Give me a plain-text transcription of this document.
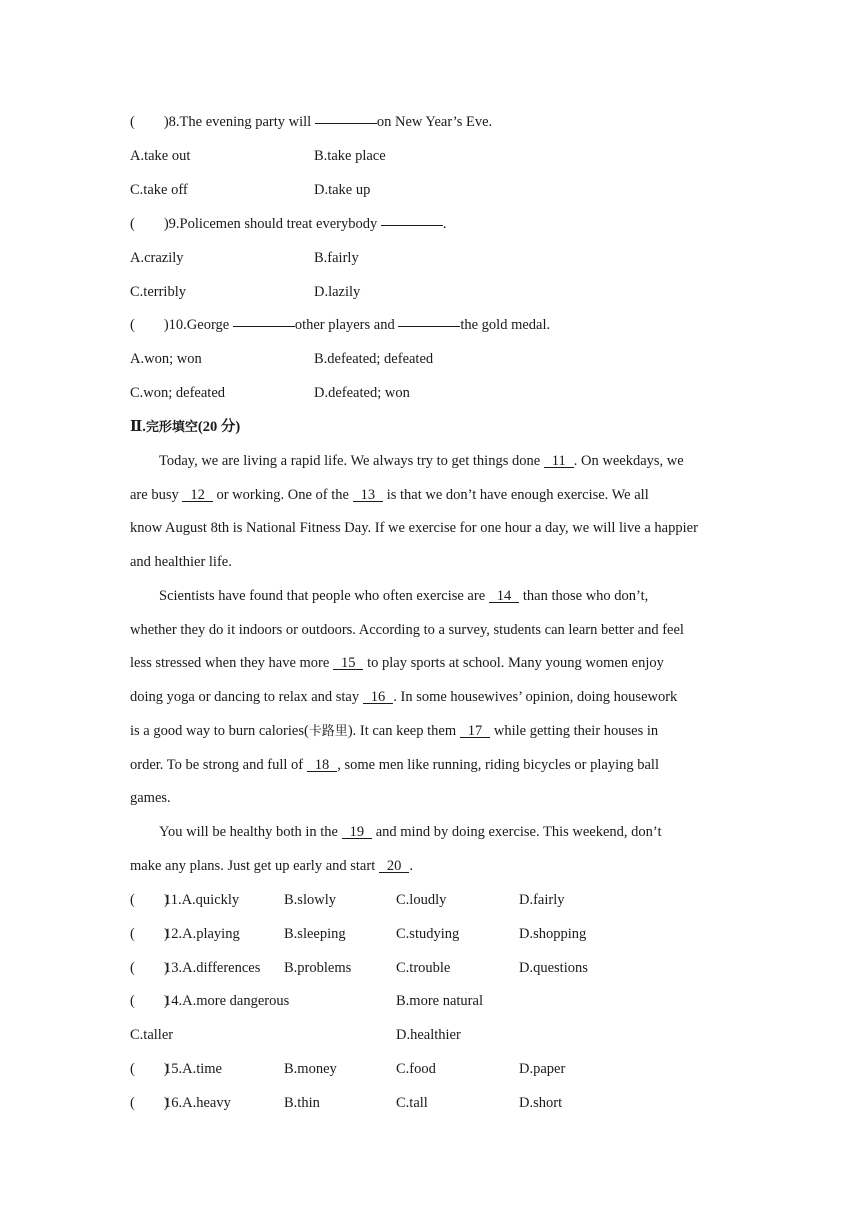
(        )8.The evening party will	on New Year’s Eve.
A.take out	B.take place
C.take off	D.take up
(        )9.Policemen should treat everybody	.
A.crazily	B.fairly
C.terribly	D.lazily
(        )10.George	other players and	the gold medal.
A.won; won	B.defeated; defeated
C.won; defeated	D.defeated; won
Ⅱ.完形填空(20 分)
Today, we are living a rapid life. We always try to get things done 11 . On weekdays, we
are busy 12 or working. One of the 13 is that we don’t have enough exercise. We all
know August 8th is National Fitness Day. If we exercise for one hour a day, we will live a happier
and healthier life.
Scientists have found that people who often exercise are 14 than those who don’t,
whether they do it indoors or outdoors. According to a survey, students can learn better and feel
less stressed when they have more 15 to play sports at school. Many young women enjoy
doing yoga or dancing to relax and stay 16 . In some housewives’ opinion, doing housework
is a good way to burn calories(卡路里). It can keep them 17 while getting their houses in
order. To be strong and full of 18 , some men like running, riding bicycles or playing ball
games.
You will be healthy both in the 19 and mind by doing exercise. This weekend, don’t
make any plans. Just get up early and start 20 .
(        )
11.A.quickly	B.slowly	C.loudly	D.fairly
(        )
12.A.playing	B.sleeping	C.studying	D.shopping
(        )
13.A.differences B.problems	C.trouble	D.questions
(        )
14.A.more dangerous	B.more natural
C.taller	D.healthier
(        )
15.A.time	B.money	C.food	D.paper
(        )
16.A.heavy	B.thin	C.tall	D.short
